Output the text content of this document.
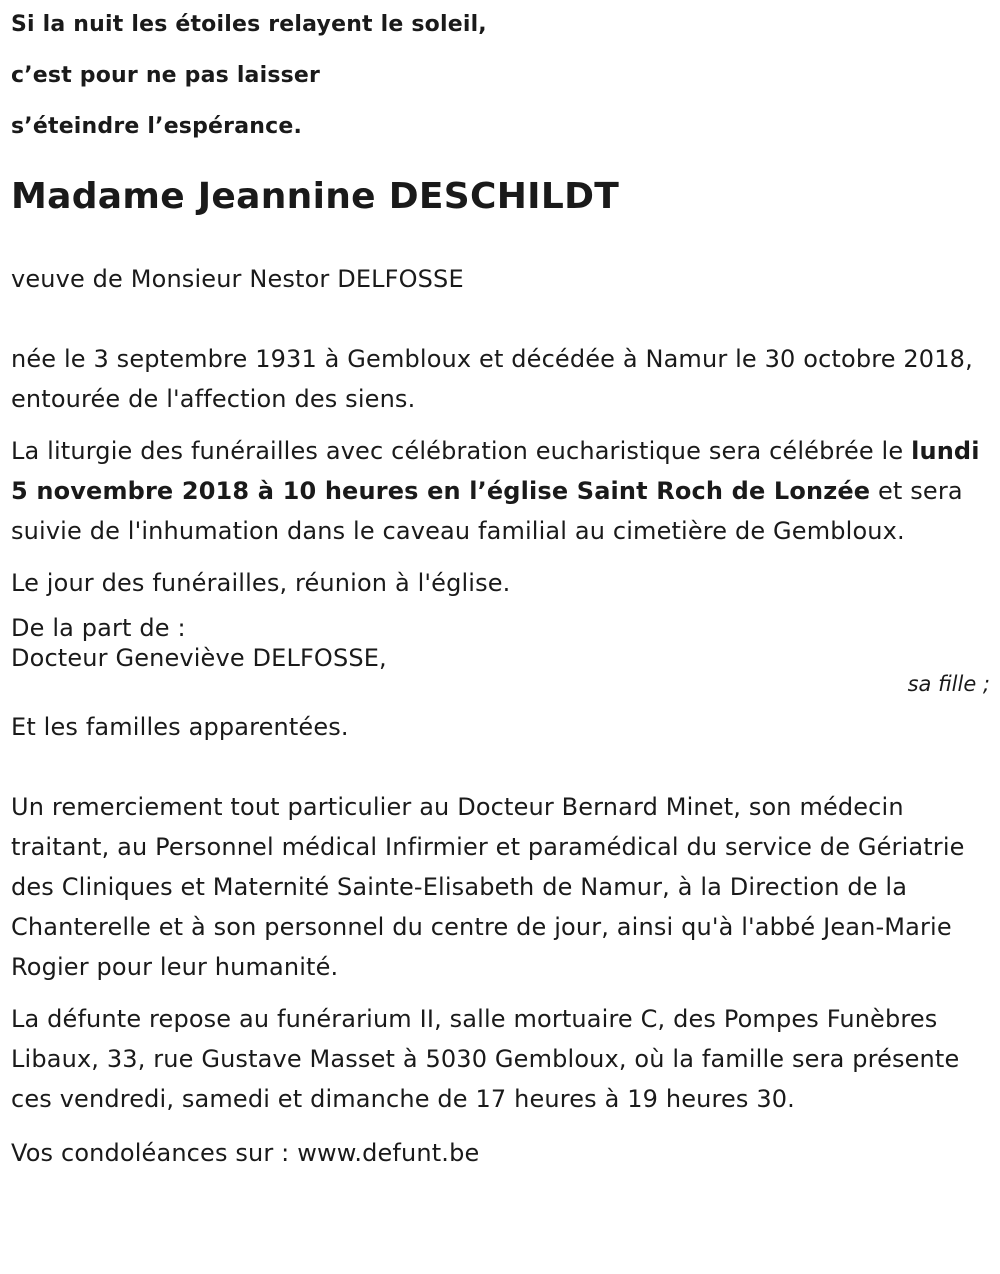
Si la nuit les étoiles relayent le soleil,

c’est pour ne pas laisser

s’éteindre l’espérance.

Madame Jeannine DESCHILDT

veuve de Monsieur Nestor DELFOSSE

née le 3 septembre 1931 à Gembloux et décédée à Namur le 30 octobre 2018, entourée de l'affection des siens.

La liturgie des funérailles avec célébration eucharistique sera célébrée le lundi 5 novembre 2018 à 10 heures en l’église Saint Roch de Lonzée et sera suivie de l'inhumation dans le caveau familial au cimetière de Gembloux.

Le jour des funérailles, réunion à l'église.

De la part de :

Docteur Geneviève DELFOSSE,

sa fille ;

Et les familles apparentées.

Un remerciement tout particulier au Docteur Bernard Minet, son médecin traitant, au Personnel médical Infirmier et paramédical du service de Gériatrie des Cliniques et Maternité Sainte-Elisabeth de Namur, à la Direction de la Chanterelle et à son personnel du centre de jour, ainsi qu'à l'abbé Jean-Marie Rogier pour leur humanité.

La défunte repose au funérarium II, salle mortuaire C, des Pompes Funèbres Libaux, 33, rue Gustave Masset à 5030 Gembloux, où la famille sera présente ces vendredi, samedi et dimanche de 17 heures à 19 heures 30.

Vos condoléances sur : www.defunt.be
